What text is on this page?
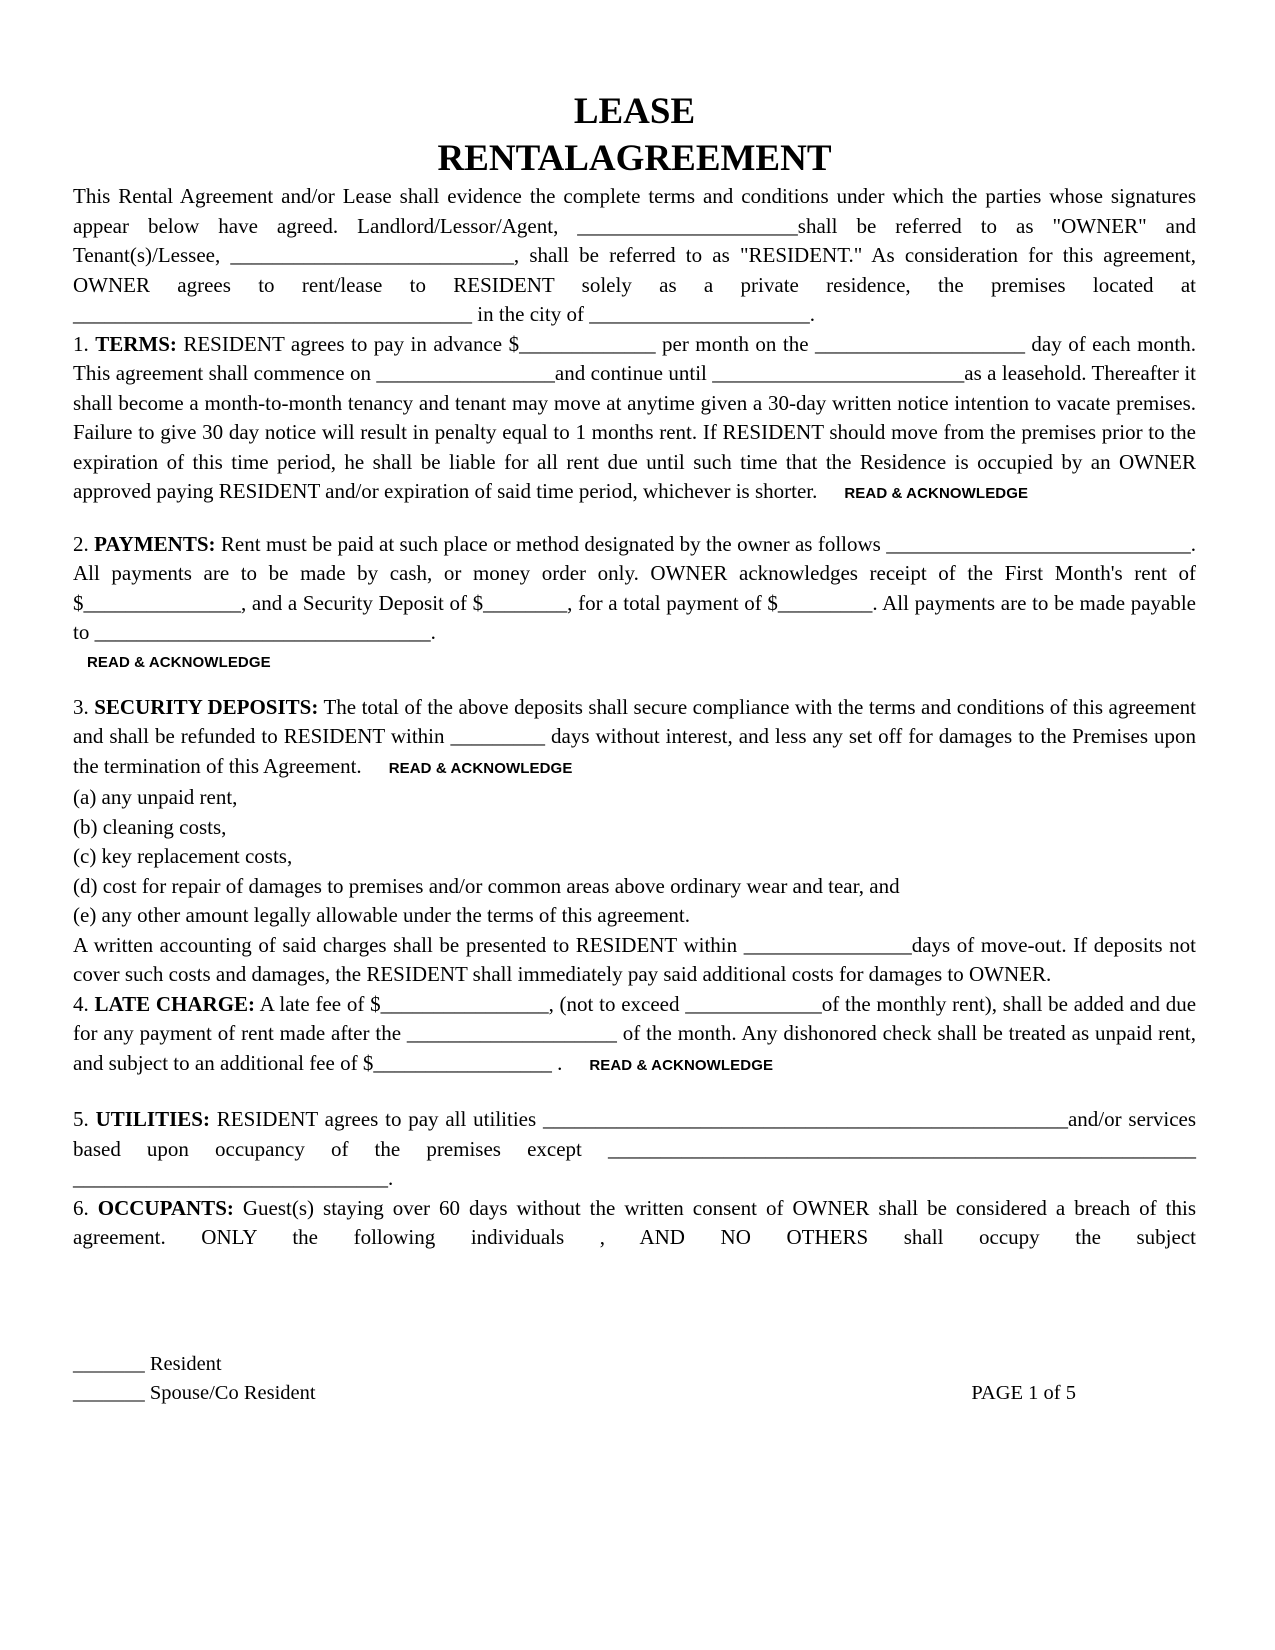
LEASE
RENTAL AGREEMENT

This Rental Agreement and/or Lease shall evidence the complete terms and conditions under which the parties whose signatures appear below have agreed. Landlord/Lessor/Agent, _____________________shall be referred to as "OWNER" and Tenant(s)/Lessee, ___________________________, shall be referred to as "RESIDENT." As consideration for this agreement, OWNER agrees to rent/lease to RESIDENT solely as a private residence, the premises located at ______________________________________ in the city of _____________________.

1. TERMS: RESIDENT agrees to pay in advance $_____________ per month on the ____________________ day of each month. This agreement shall commence on _________________and continue until ________________________as a leasehold. Thereafter it shall become a month-to-month tenancy and tenant may move at anytime given a 30-day written notice intention to vacate premises. Failure to give 30 day notice will result in penalty equal to 1 months rent. If RESIDENT should move from the premises prior to the expiration of this time period, he shall be liable for all rent due until such time that the Residence is occupied by an OWNER approved paying RESIDENT and/or expiration of said time period, whichever is shorter. READ & ACKNOWLEDGE

2. PAYMENTS: Rent must be paid at such place or method designated by the owner as follows _____________________________. All payments are to be made by cash, or money order only. OWNER acknowledges receipt of the First Month's rent of $_______________, and a Security Deposit of $________, for a total payment of $_________. All payments are to be made payable to ________________________________.

READ & ACKNOWLEDGE

3. SECURITY DEPOSITS: The total of the above deposits shall secure compliance with the terms and conditions of this agreement and shall be refunded to RESIDENT within _________ days without interest, and less any set off for damages to the Premises upon the termination of this Agreement. READ & ACKNOWLEDGE

(a) any unpaid rent,
(b) cleaning costs,
(c) key replacement costs,
(d) cost for repair of damages to premises and/or common areas above ordinary wear and tear, and
(e) any other amount legally allowable under the terms of this agreement.

A written accounting of said charges shall be presented to RESIDENT within ________________days of move-out. If deposits not cover such costs and damages, the RESIDENT shall immediately pay said additional costs for damages to OWNER.

4. LATE CHARGE: A late fee of $________________, (not to exceed _____________of the monthly rent), shall be added and due for any payment of rent made after the ____________________ of the month. Any dishonored check shall be treated as unpaid rent, and subject to an additional fee of $_________________ . READ & ACKNOWLEDGE

5. UTILITIES: RESIDENT agrees to pay all utilities __________________________________________________and/or services based upon occupancy of the premises except ________________________________________________________

______________________________.

6. OCCUPANTS: Guest(s) staying over 60 days without the written consent of OWNER shall be considered a breach of this agreement. ONLY the following individuals , AND NO OTHERS shall occupy the subject

_______ Resident
_______ Spouse/Co Resident	PAGE 1 of 5
